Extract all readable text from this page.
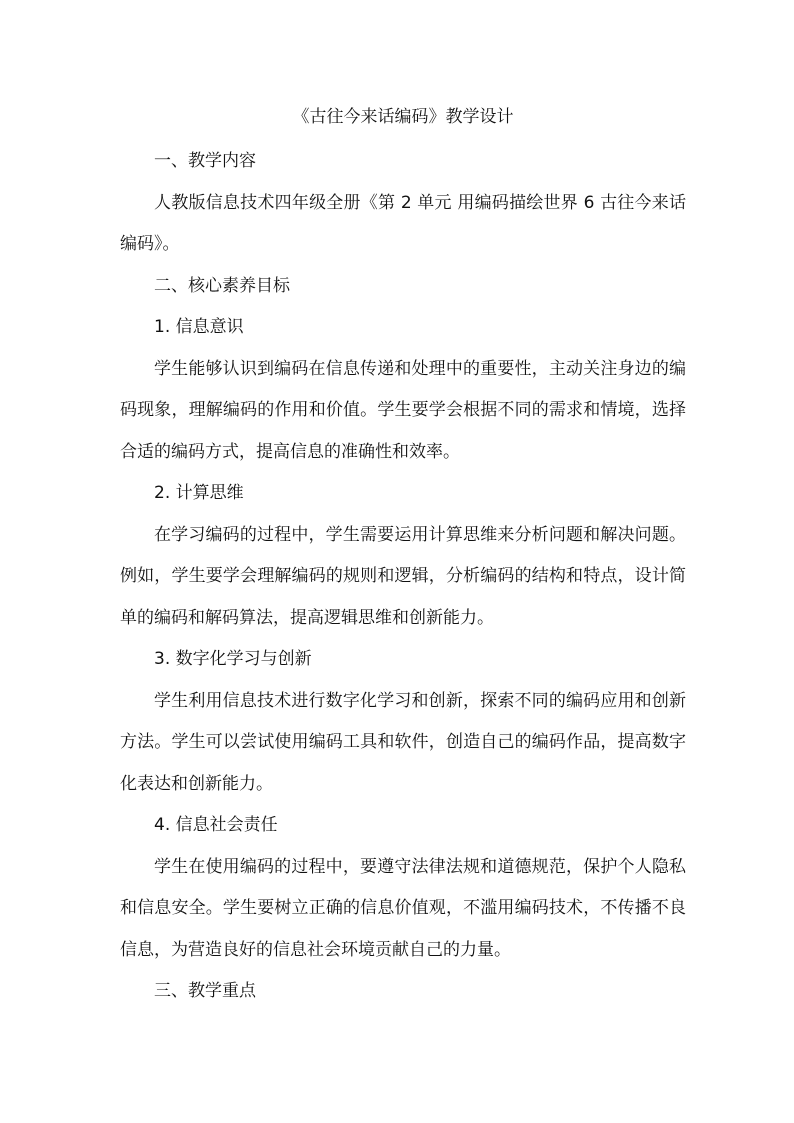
《古往今来话编码》教学设计

一、教学内容

人教版信息技术四年级全册《第 2 单元 用编码描绘世界 6 古往今来话编码》。

二、核心素养目标

1. 信息意识

学生能够认识到编码在信息传递和处理中的重要性，主动关注身边的编码现象，理解编码的作用和价值。学生要学会根据不同的需求和情境，选择合适的编码方式，提高信息的准确性和效率。

2. 计算思维

在学习编码的过程中，学生需要运用计算思维来分析问题和解决问题。例如，学生要学会理解编码的规则和逻辑，分析编码的结构和特点，设计简单的编码和解码算法，提高逻辑思维和创新能力。

3. 数字化学习与创新

学生利用信息技术进行数字化学习和创新，探索不同的编码应用和创新方法。学生可以尝试使用编码工具和软件，创造自己的编码作品，提高数字化表达和创新能力。

4. 信息社会责任

学生在使用编码的过程中，要遵守法律法规和道德规范，保护个人隐私和信息安全。学生要树立正确的信息价值观，不滥用编码技术，不传播不良信息，为营造良好的信息社会环境贡献自己的力量。

三、教学重点
